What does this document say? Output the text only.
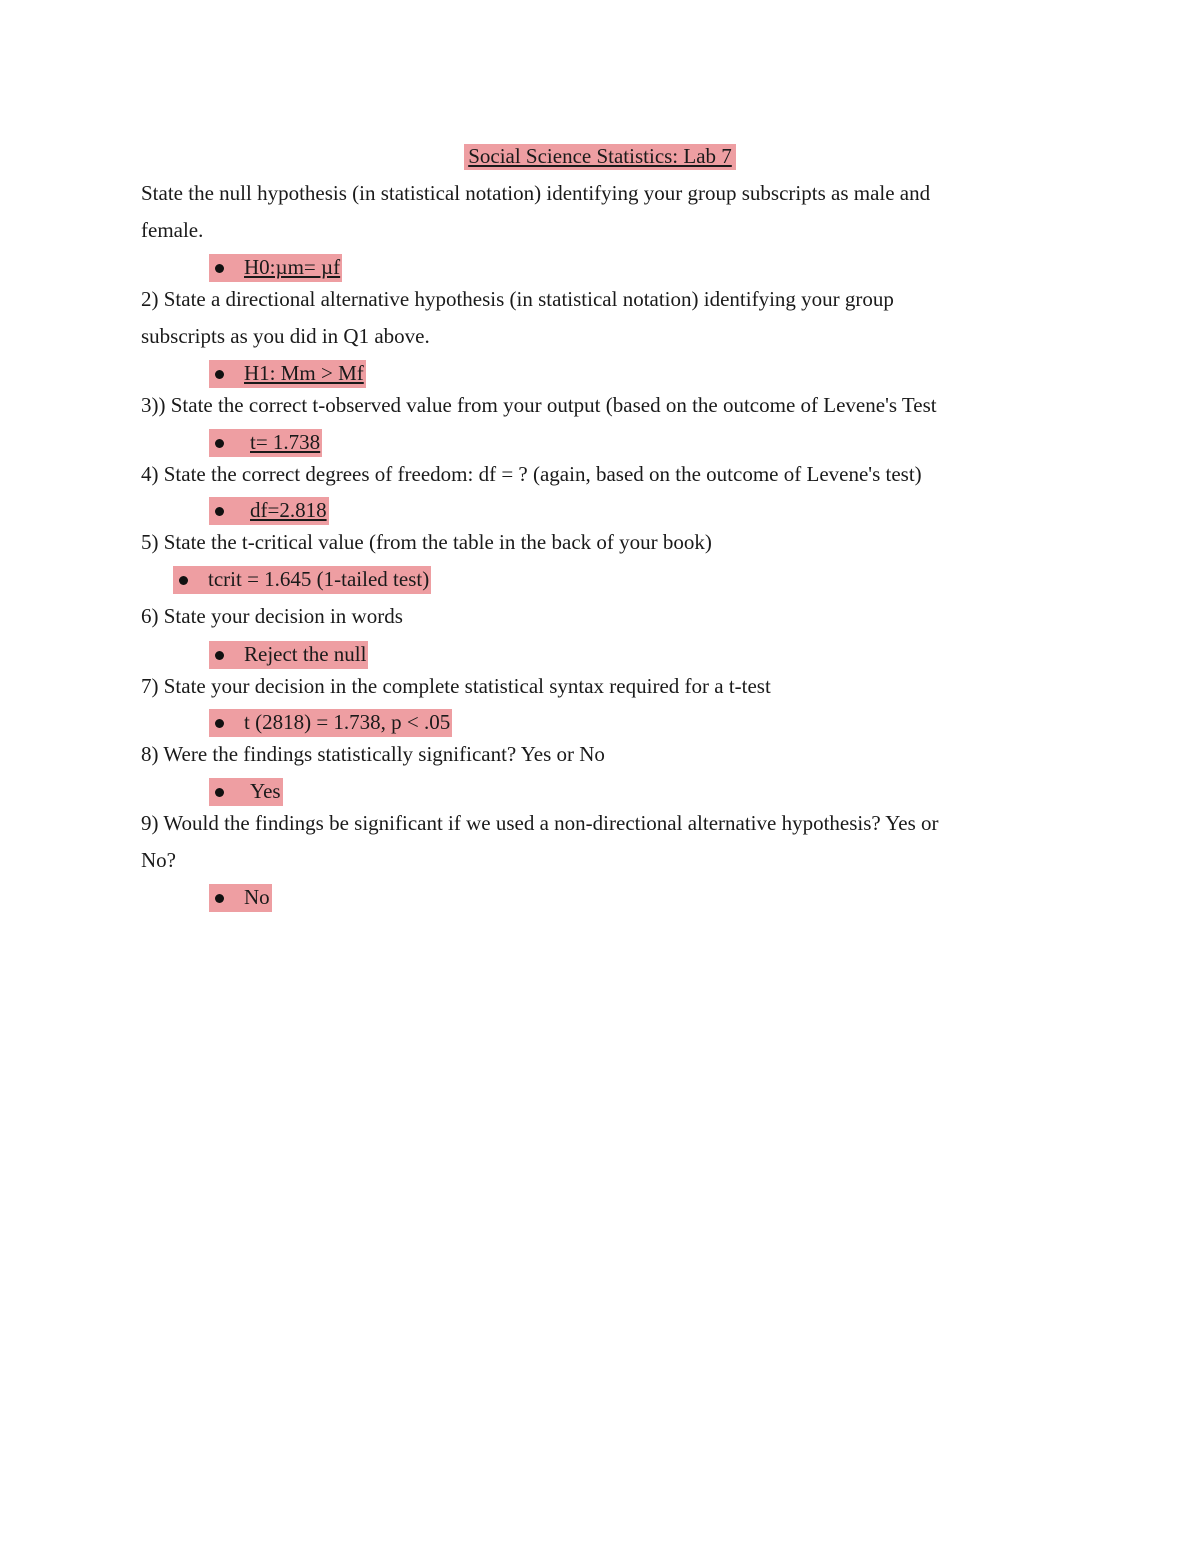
Social Science Statistics: Lab 7
State the null hypothesis (in statistical notation) identifying your group subscripts as male and
female.
H0:µm= µf
2) State a directional alternative hypothesis (in statistical notation) identifying your group
subscripts as you did in Q1 above.
H1: Mm > Mf
3)) State the correct t-observed value from your output (based on the outcome of Levene's Test
t= 1.738
4) State the correct degrees of freedom: df = ? (again, based on the outcome of Levene's test)
df=2.818
5) State the t-critical value (from the table in the back of your book)
tcrit = 1.645 (1-tailed test)
6) State your decision in words
Reject the null
7) State your decision in the complete statistical syntax required for a t-test
t (2818) = 1.738, p < .05
8) Were the findings statistically significant? Yes or No
Yes
9) Would the findings be significant if we used a non-directional alternative hypothesis? Yes or
No?
No
